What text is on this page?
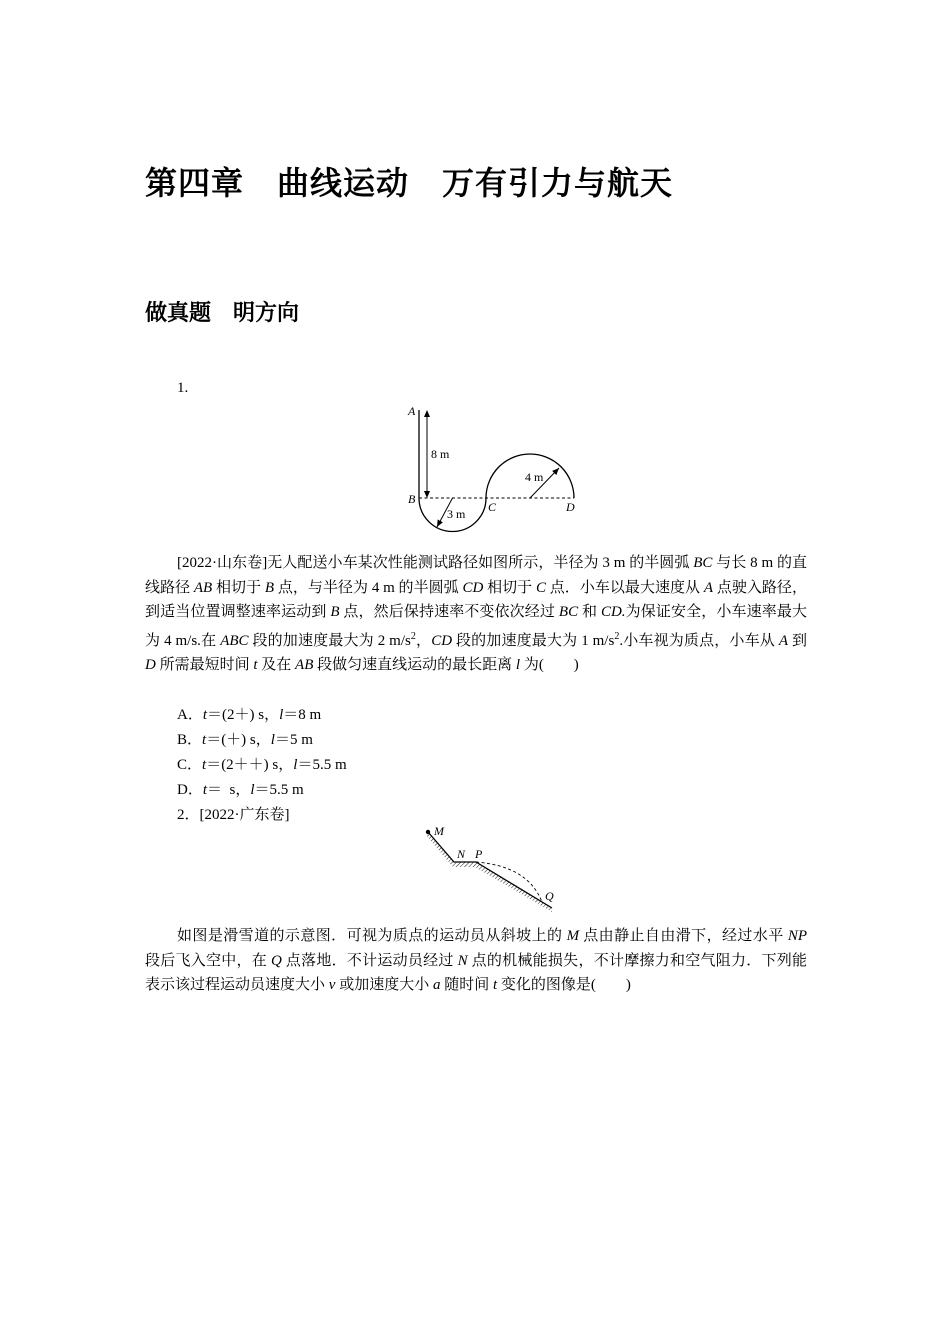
第四章　曲线运动　万有引力与航天
做真题　明方向
1.
8 m
3 m
4 m
A
B
C	D

[2022·山东卷]无人配送小车某次性能测试路径如图所示，半径为 3 m 的半圆弧 BC 与长 8 m 的直线路径 AB 相切于 B 点，与半径为 4 m 的半圆弧 CD 相切于 C 点．小车以最大速度从 A 点驶入路径，到适当位置调整速率运动到 B 点，然后保持速率不变依次经过 BC 和 CD.为保证安全，小车速率最大为 4 m/s.在 ABC 段的加速度最大为 2 $m/s^2$，CD 段的加速度最大为 1 $m/s^2$.小车视为质点，小车从 A 到 D 所需最短时间 t 及在 AB 段做匀速直线运动的最长距离 l 为(　　)

A．t＝(2＋) s，l＝8 m
B．t＝(＋) s，l＝5 m
C．t＝(2＋＋) s，l＝5.5 m
D．t＝  s，l＝5.5 m
2．[2022·广东卷]
M
N P
Q

如图是滑雪道的示意图．可视为质点的运动员从斜坡上的 M 点由静止自由滑下，经过水平 NP 段后飞入空中，在 Q 点落地．不计运动员经过 N 点的机械能损失，不计摩擦力和空气阻力．下列能表示该过程运动员速度大小 v 或加速度大小 a 随时间 t 变化的图像是(　　)
